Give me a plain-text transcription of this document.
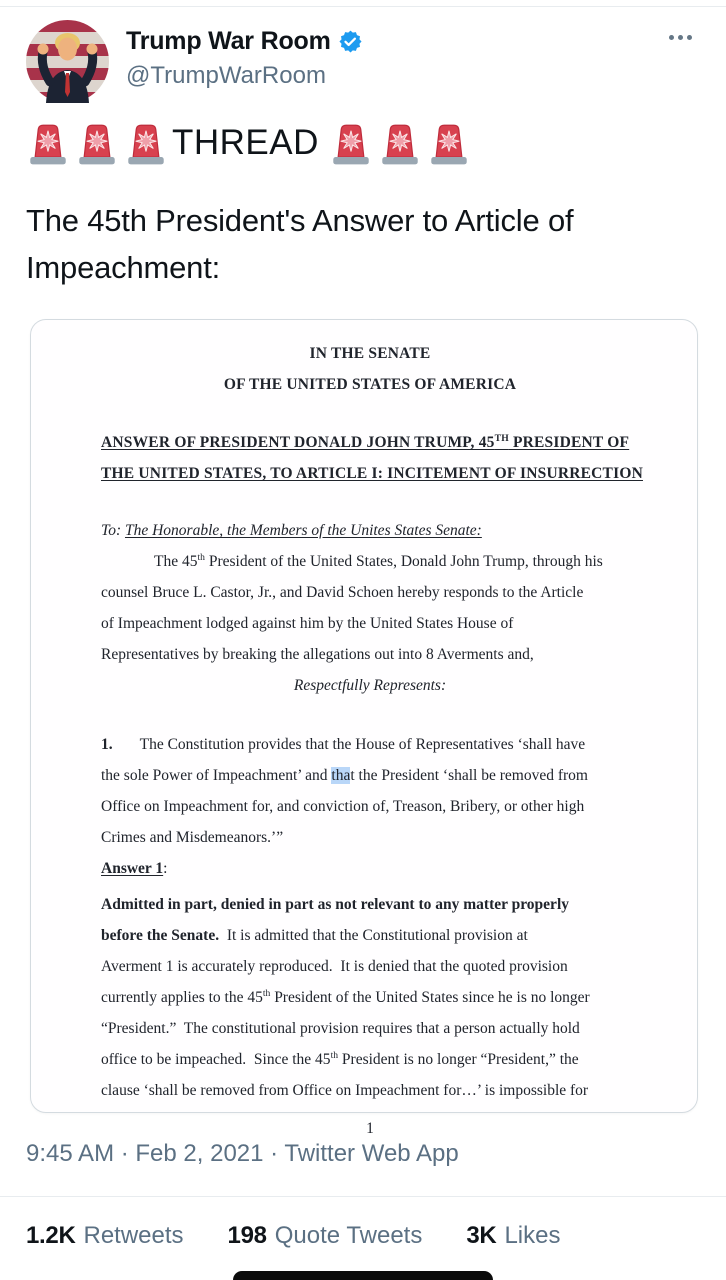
Trump War Room
@TrumpWarRoom
THREAD
The 45th President's Answer to Article of Impeachment:
IN THE SENATE
OF THE UNITED STATES OF AMERICA
ANSWER OF PRESIDENT DONALD JOHN TRUMP, 45TH PRESIDENT OF
THE UNITED STATES, TO ARTICLE I: INCITEMENT OF INSURRECTION
To: The Honorable, the Members of the Unites States Senate:
The 45th President of the United States, Donald John Trump, through his
counsel Bruce L. Castor, Jr., and David Schoen hereby responds to the Article
of Impeachment lodged against him by the United States House of
Representatives by breaking the allegations out into 8 Averments and,
Respectfully Represents:
1. The Constitution provides that the House of Representatives ‘shall have
the sole Power of Impeachment’ and that the President ‘shall be removed from
Office on Impeachment for, and conviction of, Treason, Bribery, or other high
Crimes and Misdemeanors.’”
Answer 1:
Admitted in part, denied in part as not relevant to any matter properly
before the Senate.  It is admitted that the Constitutional provision at
Averment 1 is accurately reproduced.  It is denied that the quoted provision
currently applies to the 45th President of the United States since he is no longer
“President.”  The constitutional provision requires that a person actually hold
office to be impeached.  Since the 45th President is no longer “President,” the
clause ‘shall be removed from Office on Impeachment for…’ is impossible for
1
9:45 AM · Feb 2, 2021 · Twitter Web App
1.2K Retweets 198 Quote Tweets 3K Likes
